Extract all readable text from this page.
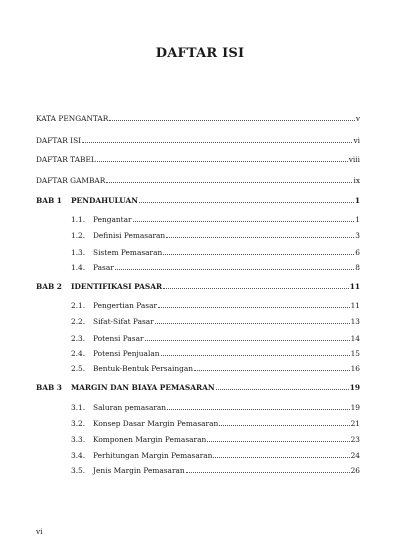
DAFTAR ISI
KATA PENGANTAR	v
DAFTAR ISI	vi
DAFTAR TABEL	viii
DAFTAR GAMBAR	ix
BAB 1	PENDAHULUAN	1
1.1.	Pengantar	1
1.2.	Definisi Pemasaran	3
1.3.	Sistem Pemasaran	6
1.4.	Pasar	8
BAB 2	IDENTIFIKASI PASAR	11
2.1.	Pengertian Pasar	11
2.2.	Sifat-Sifat Pasar	13
2.3.	Potensi Pasar	14
2.4.	Potensi Penjualan	15
2.5.	Bentuk-Bentuk Persaingan	16
BAB 3	MARGIN DAN BIAYA PEMASARAN	19
3.1.	Saluran pemasaran	19
3.2.	Konsep Dasar Margin Pemasaran	21
3.3.	Komponen Margin Pemasaran	23
3.4.	Perhitungan Margin Pemasaran	24
3.5.	Jenis Margin Pemasaran	26
vi
